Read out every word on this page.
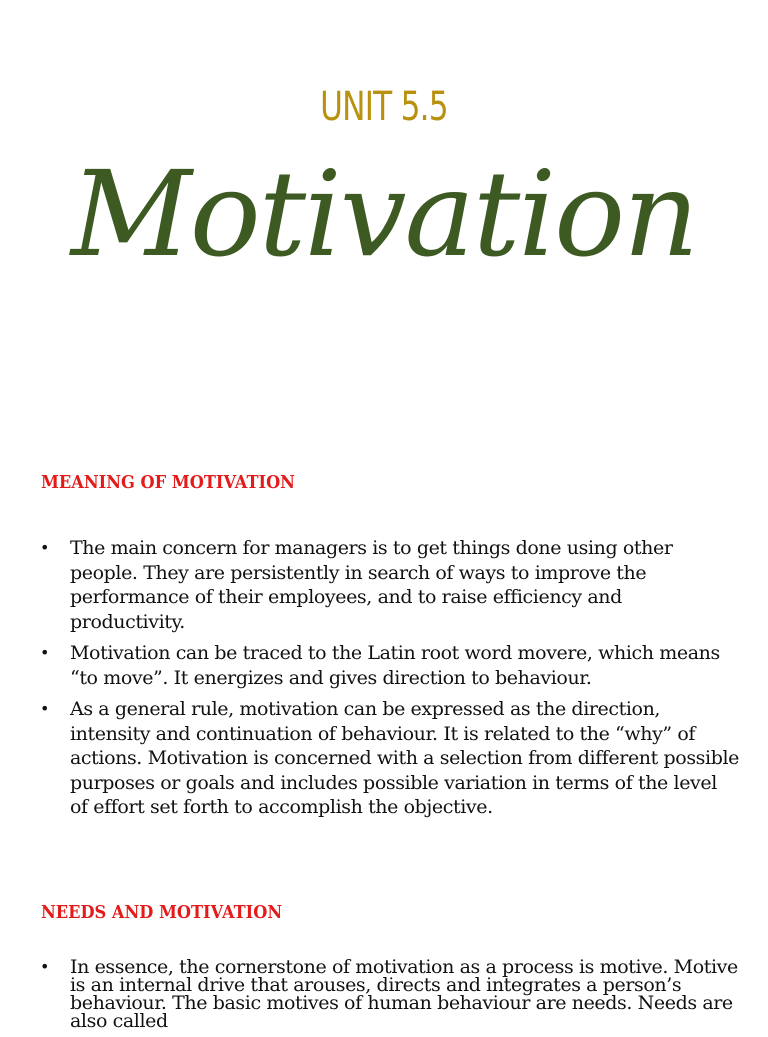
UNIT 5.5
Motivation
MEANING OF MOTIVATION
• The main concern for managers is to get things done using other people. They are persistently in search of ways to improve the performance of their employees, and to raise efficiency and productivity.
• Motivation can be traced to the Latin root word movere, which means “to move”. It energizes and gives direction to behaviour.
• As a general rule, motivation can be expressed as the direction, intensity and continuation of behaviour. It is related to the “why” of actions. Motivation is concerned with a selection from different possible purposes or goals and includes possible variation in terms of the level of effort set forth to accomplish the objective.
NEEDS AND MOTIVATION
• In essence, the cornerstone of motivation as a process is motive. Motive is an internal drive that arouses, directs and integrates a person’s behaviour. The basic motives of human behaviour are needs. Needs are also called
